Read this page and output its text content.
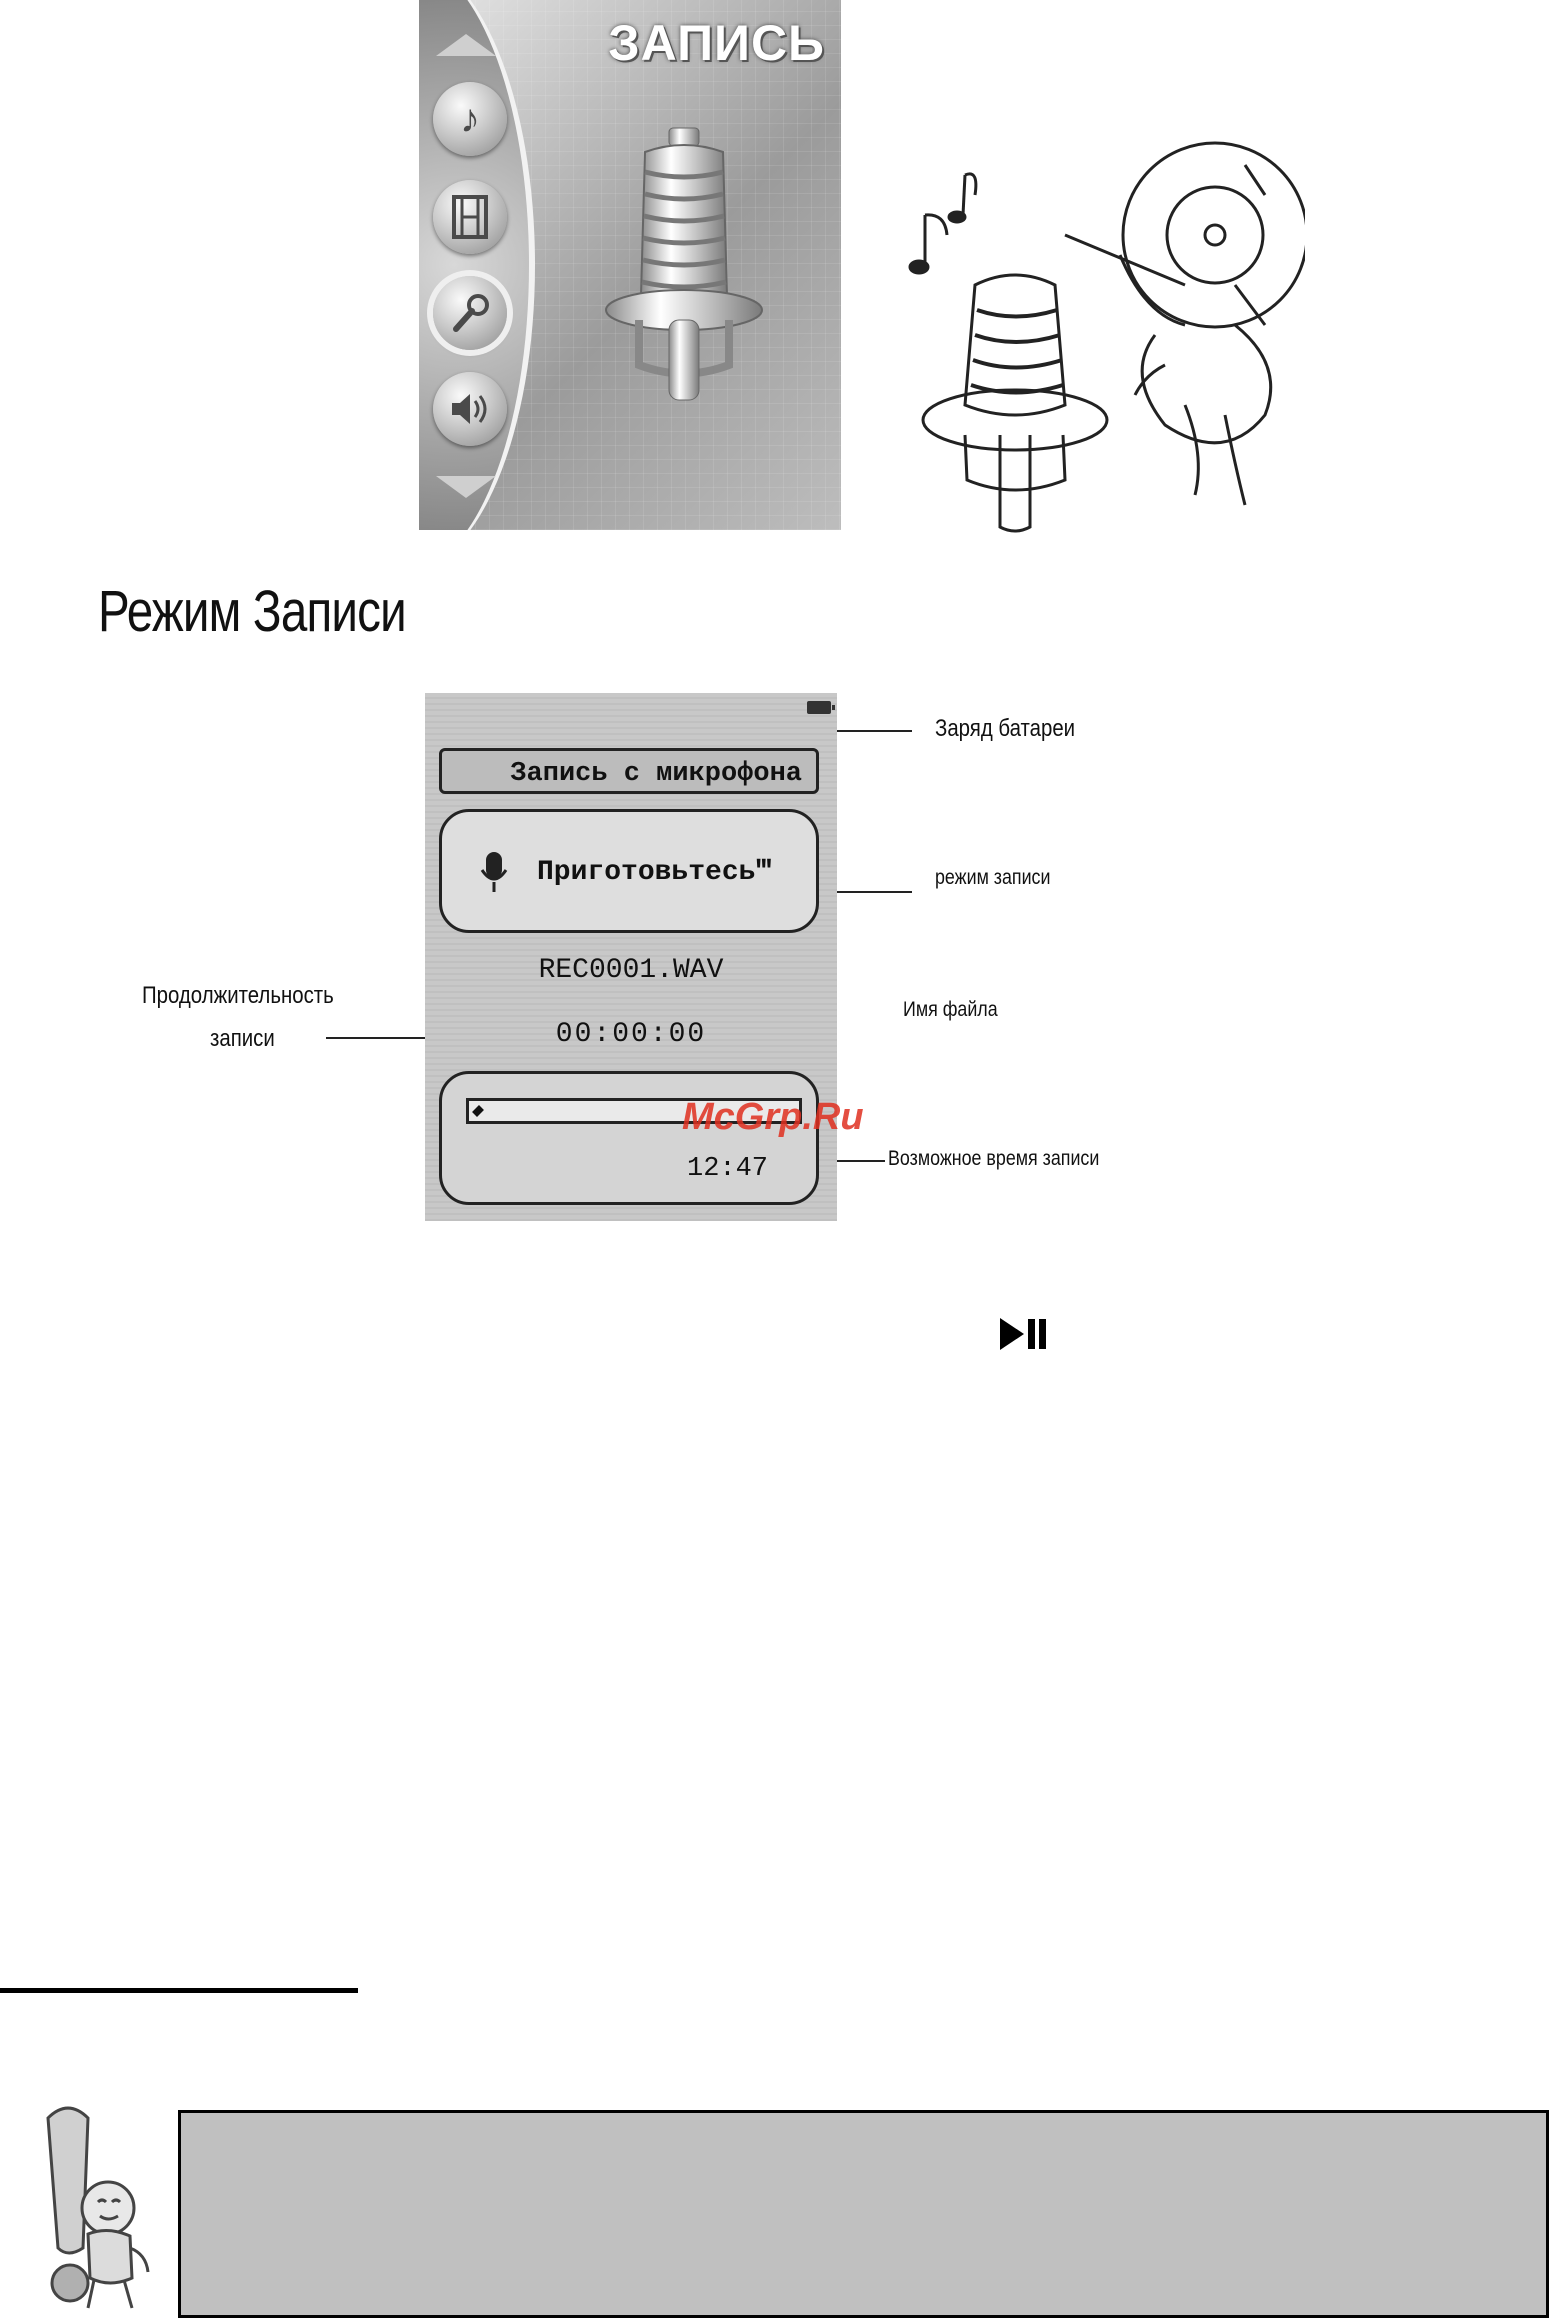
♪
ЗАПИСЬ
Режим Записи
Запись с микрофона
Приготовьтесь‴
REC0001.WAV
00:00:00
12:47
Заряд батареи
режим записи
Имя файла
Возможное время записи
Продолжительность
записи
McGrp.Ru
